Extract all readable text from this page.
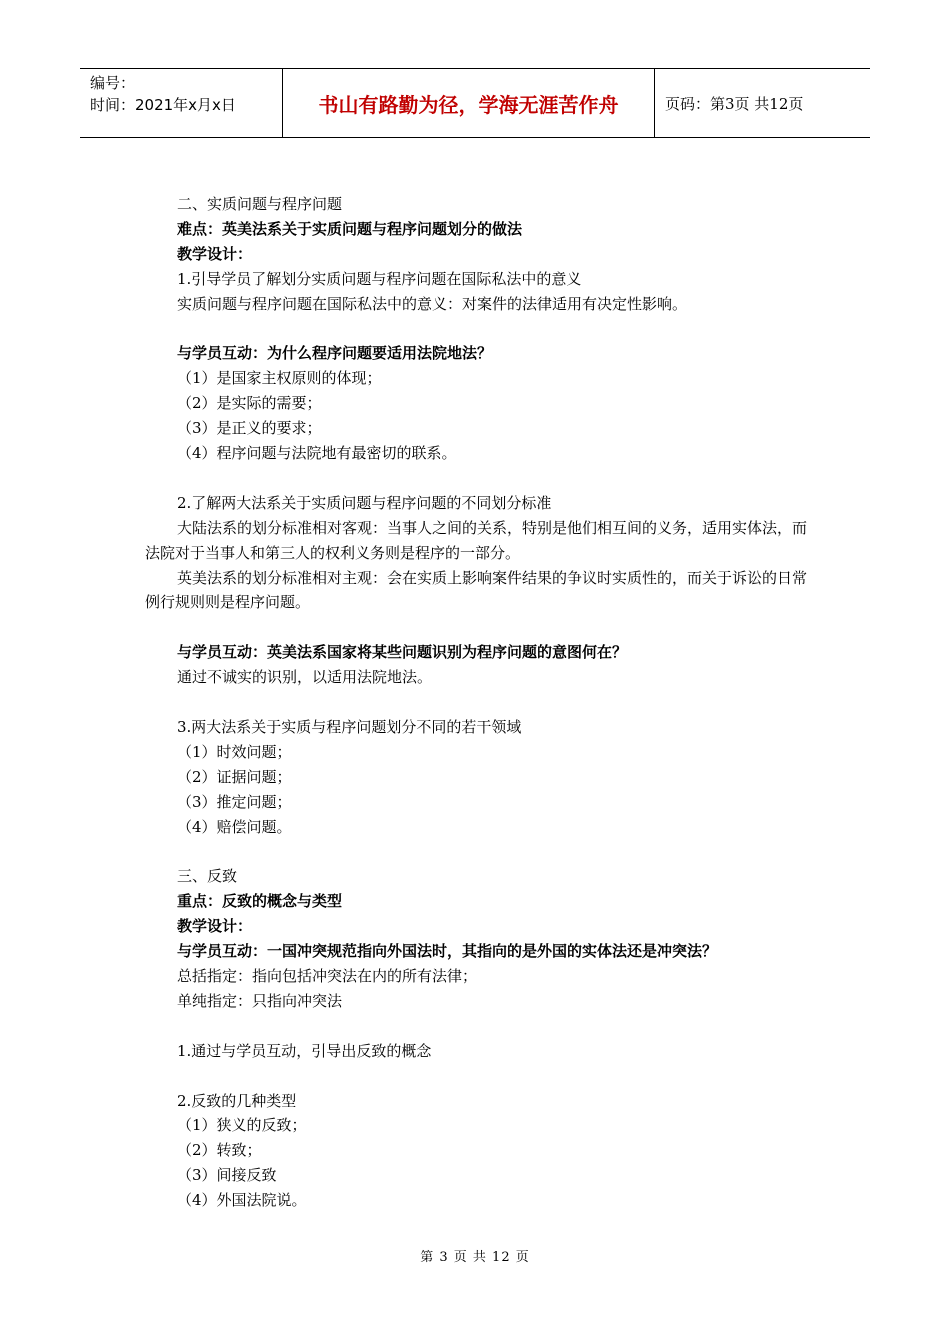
编号：
时间：2021年x月x日	书山有路勤为径，学海无涯苦作舟	页码：第3页 共12页

二、实质问题与程序问题

难点：英美法系关于实质问题与程序问题划分的做法

教学设计：

1.引导学员了解划分实质问题与程序问题在国际私法中的意义

实质问题与程序问题在国际私法中的意义：对案件的法律适用有决定性影响。

与学员互动：为什么程序问题要适用法院地法？

（1）是国家主权原则的体现；

（2）是实际的需要；

（3）是正义的要求；

（4）程序问题与法院地有最密切的联系。

2.了解两大法系关于实质问题与程序问题的不同划分标准

大陆法系的划分标准相对客观：当事人之间的关系，特别是他们相互间的义务，适用实体法，而法院对于当事人和第三人的权利义务则是程序的一部分。

英美法系的划分标准相对主观：会在实质上影响案件结果的争议时实质性的，而关于诉讼的日常例行规则则是程序问题。

与学员互动：英美法系国家将某些问题识别为程序问题的意图何在？

通过不诚实的识别，以适用法院地法。

3.两大法系关于实质与程序问题划分不同的若干领域

（1）时效问题；

（2）证据问题；

（3）推定问题；

（4）赔偿问题。

三、反致

重点：反致的概念与类型

教学设计：

与学员互动：一国冲突规范指向外国法时，其指向的是外国的实体法还是冲突法？

总括指定：指向包括冲突法在内的所有法律；

单纯指定：只指向冲突法

1.通过与学员互动，引导出反致的概念

2.反致的几种类型

（1）狭义的反致；

（2）转致；

（3）间接反致

（4）外国法院说。

第 3 页 共 12 页
